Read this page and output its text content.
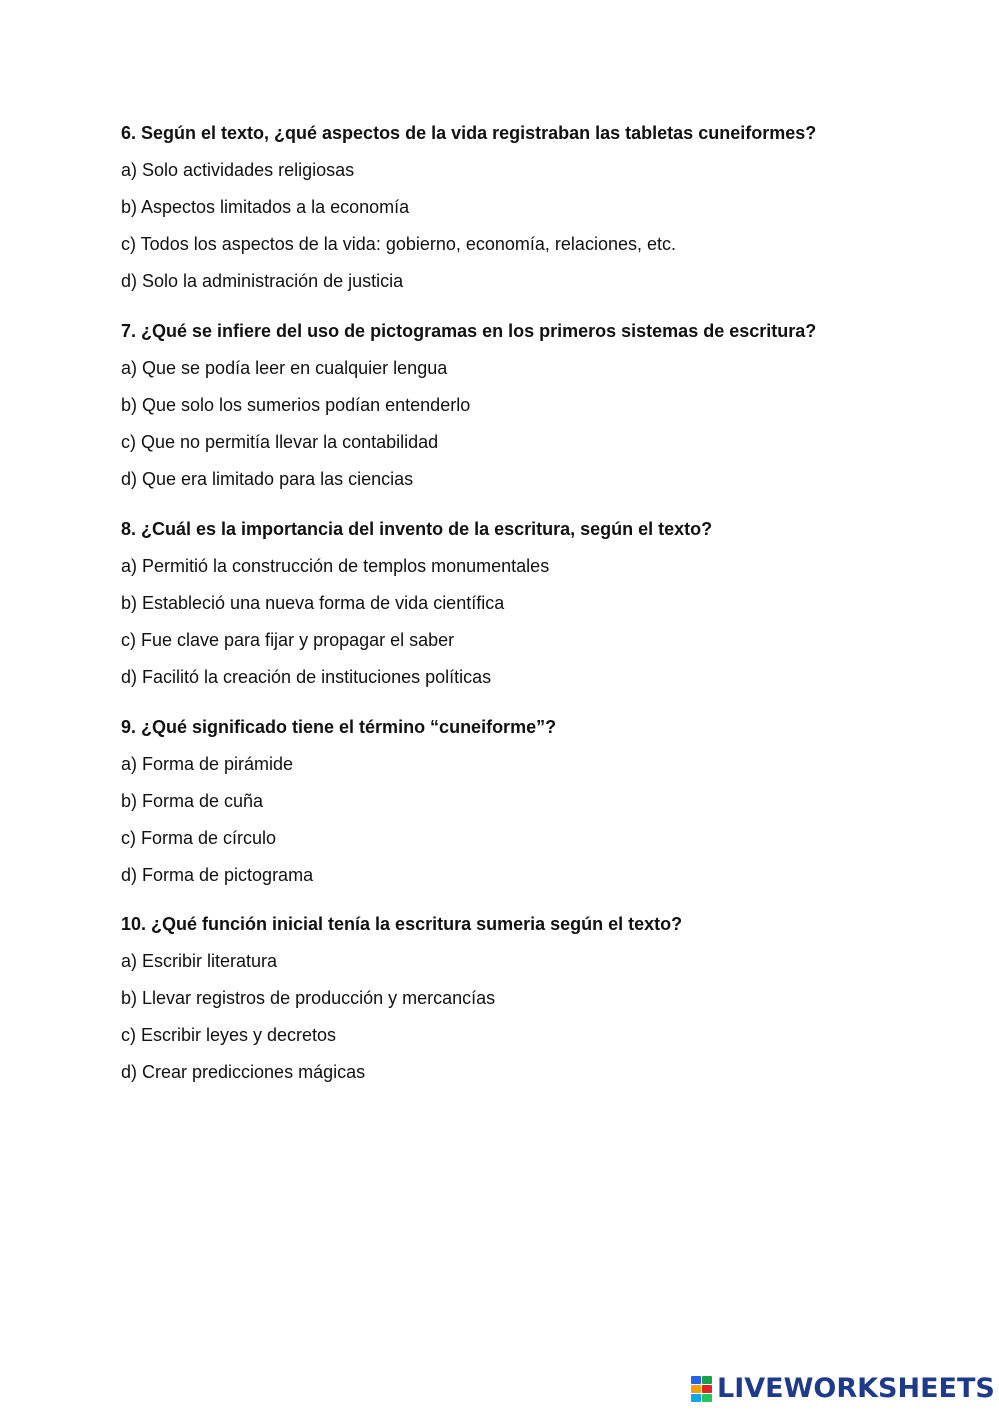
6. Según el texto, ¿qué aspectos de la vida registraban las tabletas cuneiformes?

a) Solo actividades religiosas

b) Aspectos limitados a la economía

c) Todos los aspectos de la vida: gobierno, economía, relaciones, etc.

d) Solo la administración de justicia

7. ¿Qué se infiere del uso de pictogramas en los primeros sistemas de escritura?

a) Que se podía leer en cualquier lengua

b) Que solo los sumerios podían entenderlo

c) Que no permitía llevar la contabilidad

d) Que era limitado para las ciencias

8. ¿Cuál es la importancia del invento de la escritura, según el texto?

a) Permitió la construcción de templos monumentales

b) Estableció una nueva forma de vida científica

c) Fue clave para fijar y propagar el saber

d) Facilitó la creación de instituciones políticas

9. ¿Qué significado tiene el término “cuneiforme”?

a) Forma de pirámide

b) Forma de cuña

c) Forma de círculo

d) Forma de pictograma

10. ¿Qué función inicial tenía la escritura sumeria según el texto?

a) Escribir literatura

b) Llevar registros de producción y mercancías

c) Escribir leyes y decretos

d) Crear predicciones mágicas

LIVEWORKSHEETS
